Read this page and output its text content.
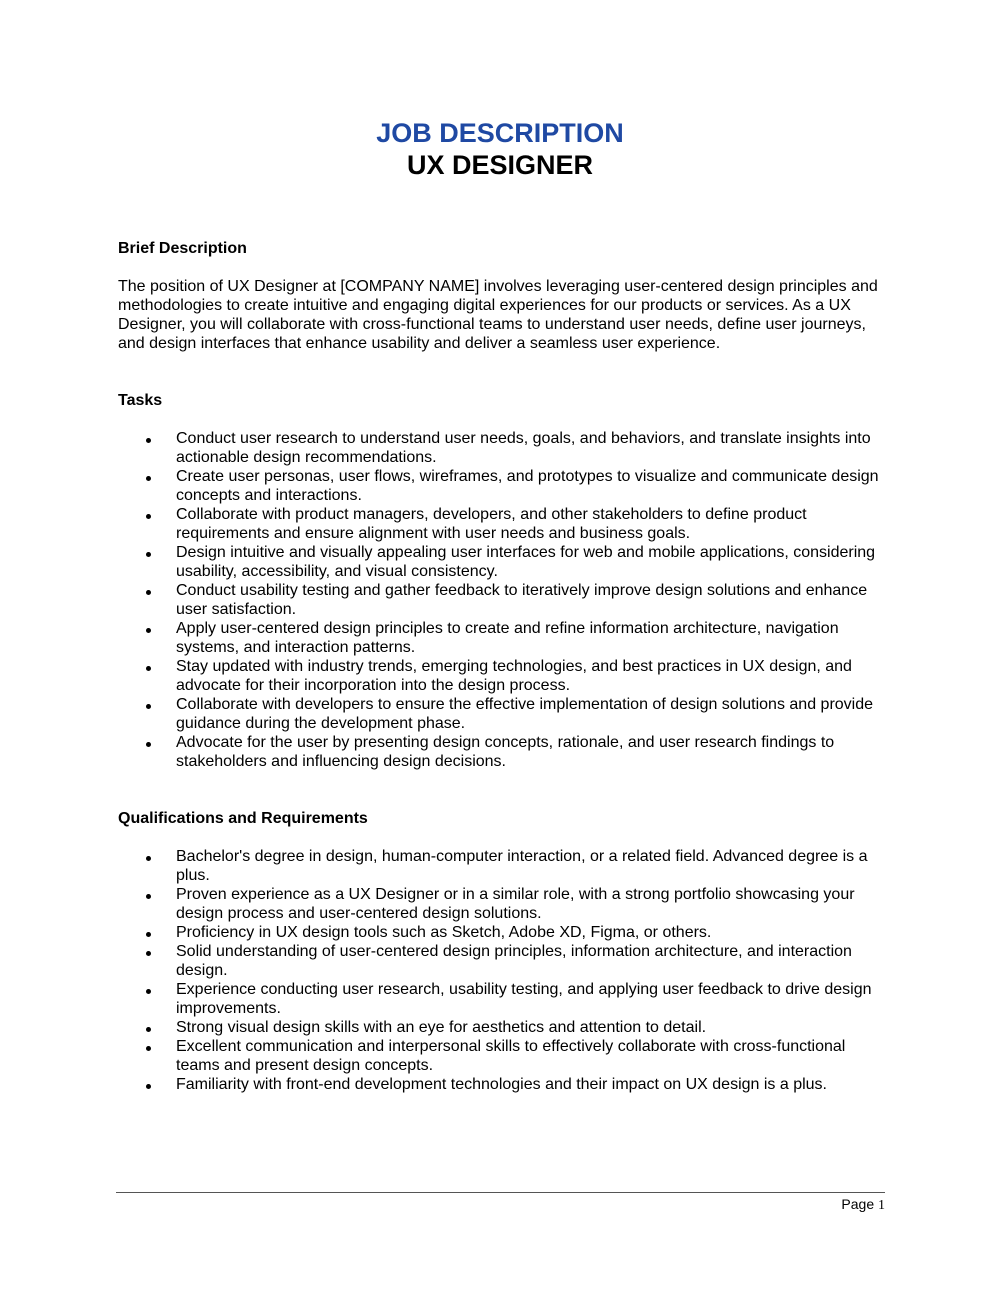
JOB DESCRIPTION
UX DESIGNER
Brief Description

The position of UX Designer at [COMPANY NAME] involves leveraging user-centered design principles and methodologies to create intuitive and engaging digital experiences for our products or services. As a UX Designer, you will collaborate with cross-functional teams to understand user needs, define user journeys, and design interfaces that enhance usability and deliver a seamless user experience.

Tasks
Conduct user research to understand user needs, goals, and behaviors, and translate insights into actionable design recommendations.
Create user personas, user flows, wireframes, and prototypes to visualize and communicate design concepts and interactions.
Collaborate with product managers, developers, and other stakeholders to define product requirements and ensure alignment with user needs and business goals.
Design intuitive and visually appealing user interfaces for web and mobile applications, considering usability, accessibility, and visual consistency.
Conduct usability testing and gather feedback to iteratively improve design solutions and enhance user satisfaction.
Apply user-centered design principles to create and refine information architecture, navigation systems, and interaction patterns.
Stay updated with industry trends, emerging technologies, and best practices in UX design, and advocate for their incorporation into the design process.
Collaborate with developers to ensure the effective implementation of design solutions and provide guidance during the development phase.
Advocate for the user by presenting design concepts, rationale, and user research findings to stakeholders and influencing design decisions.
Qualifications and Requirements
Bachelor's degree in design, human-computer interaction, or a related field. Advanced degree is a plus.
Proven experience as a UX Designer or in a similar role, with a strong portfolio showcasing your design process and user-centered design solutions.
Proficiency in UX design tools such as Sketch, Adobe XD, Figma, or others.
Solid understanding of user-centered design principles, information architecture, and interaction design.
Experience conducting user research, usability testing, and applying user feedback to drive design improvements.
Strong visual design skills with an eye for aesthetics and attention to detail.
Excellent communication and interpersonal skills to effectively collaborate with cross-functional teams and present design concepts.
Familiarity with front-end development technologies and their impact on UX design is a plus.
Page 1
